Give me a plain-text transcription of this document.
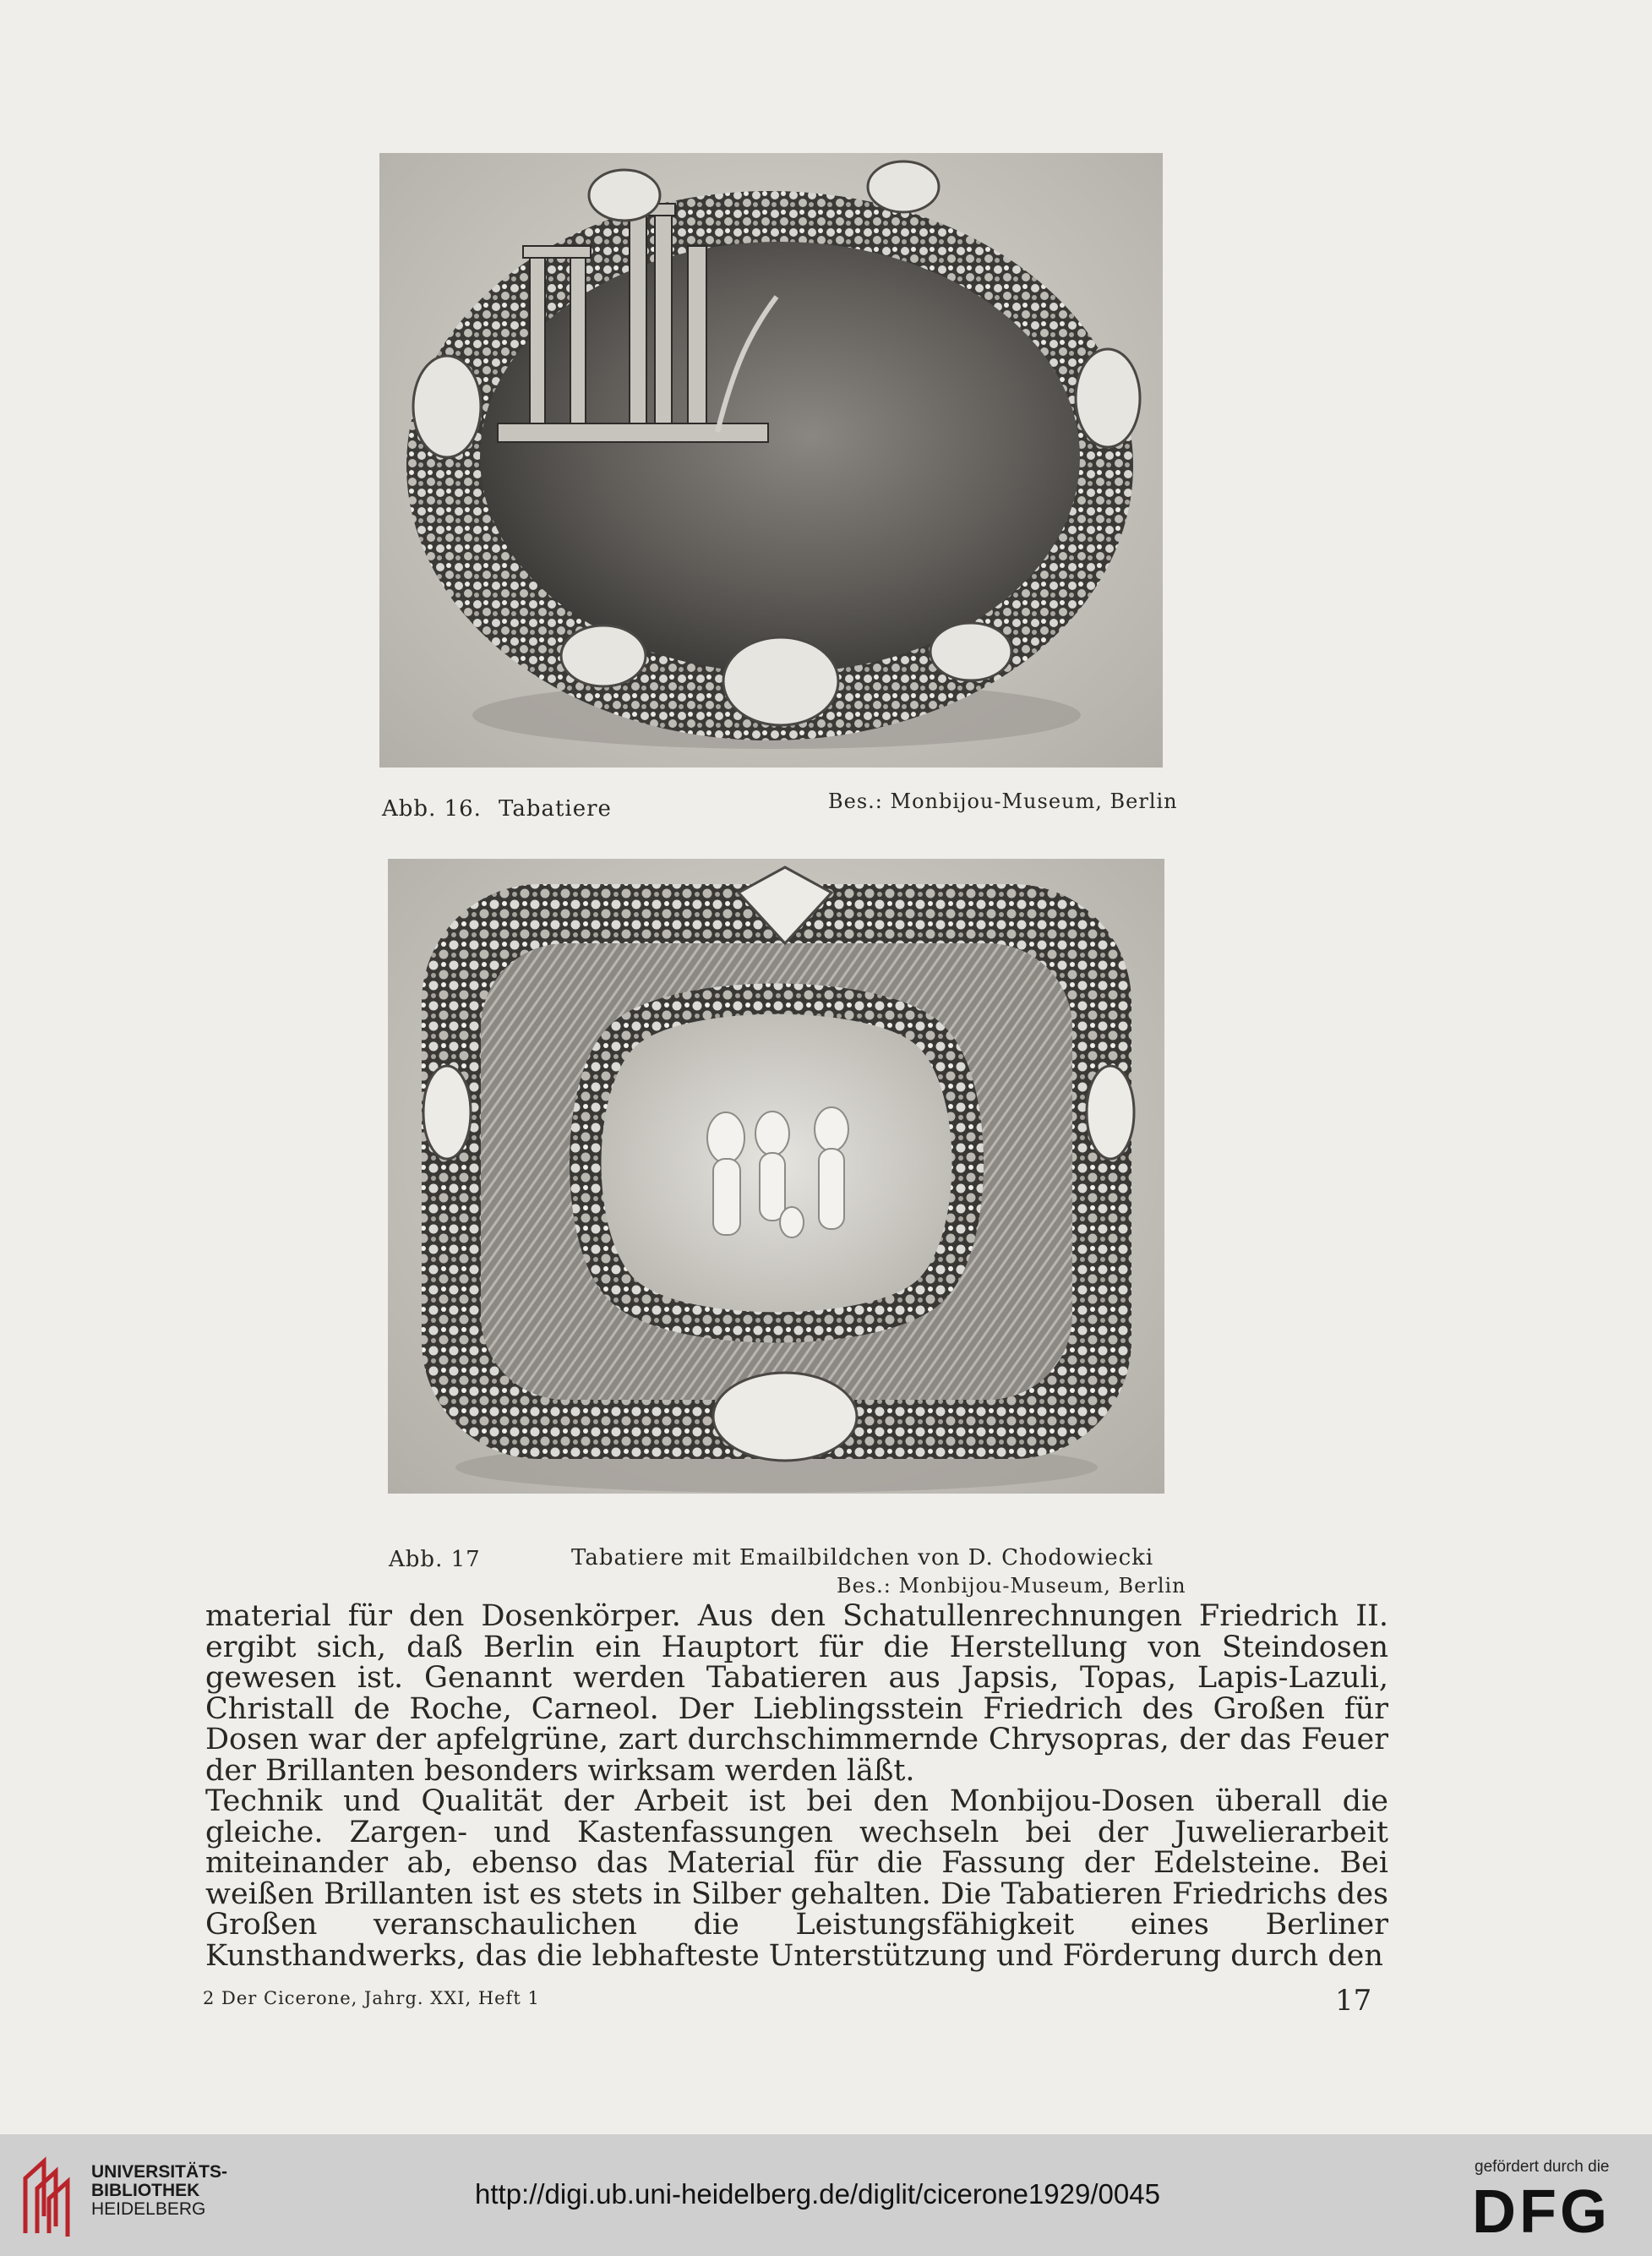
Abb. 16. Tabatiere	Bes.: Monbijou-Museum, Berlin
Abb. 17	Tabatiere mit Emailbildchen von D. Chodowiecki
Bes.: Monbijou-Museum, Berlin

material für den Dosenkörper. Aus den Schatullenrechnungen Friedrich II. ergibt sich, daß Berlin ein Hauptort für die Herstellung von Steindosen gewesen ist. Genannt werden Tabatieren aus Japsis, Topas, Lapis-Lazuli, Christall de Roche, Carneol. Der Lieblingsstein Friedrich des Großen für Dosen war der apfelgrüne, zart durchschimmernde Chrysopras, der das Feuer der Brillanten besonders wirksam werden läßt.

Technik und Qualität der Arbeit ist bei den Monbijou-Dosen überall die gleiche. Zargen- und Kastenfassungen wechseln bei der Juwelierarbeit miteinander ab, ebenso das Material für die Fassung der Edelsteine. Bei weißen Brillanten ist es stets in Silber gehalten. Die Tabatieren Friedrichs des Großen veranschaulichen die Leistungsfähigkeit eines Berliner Kunsthandwerks, das die lebhafteste Unterstützung und Förderung durch den

2 Der Cicerone, Jahrg. XXI, Heft 1	17
UNIVERSITÄTS-
BIBLIOTHEK
HEIDELBERG	http://digi.ub.uni-heidelberg.de/diglit/cicerone1929/0045
gefördert durch die
DFG
